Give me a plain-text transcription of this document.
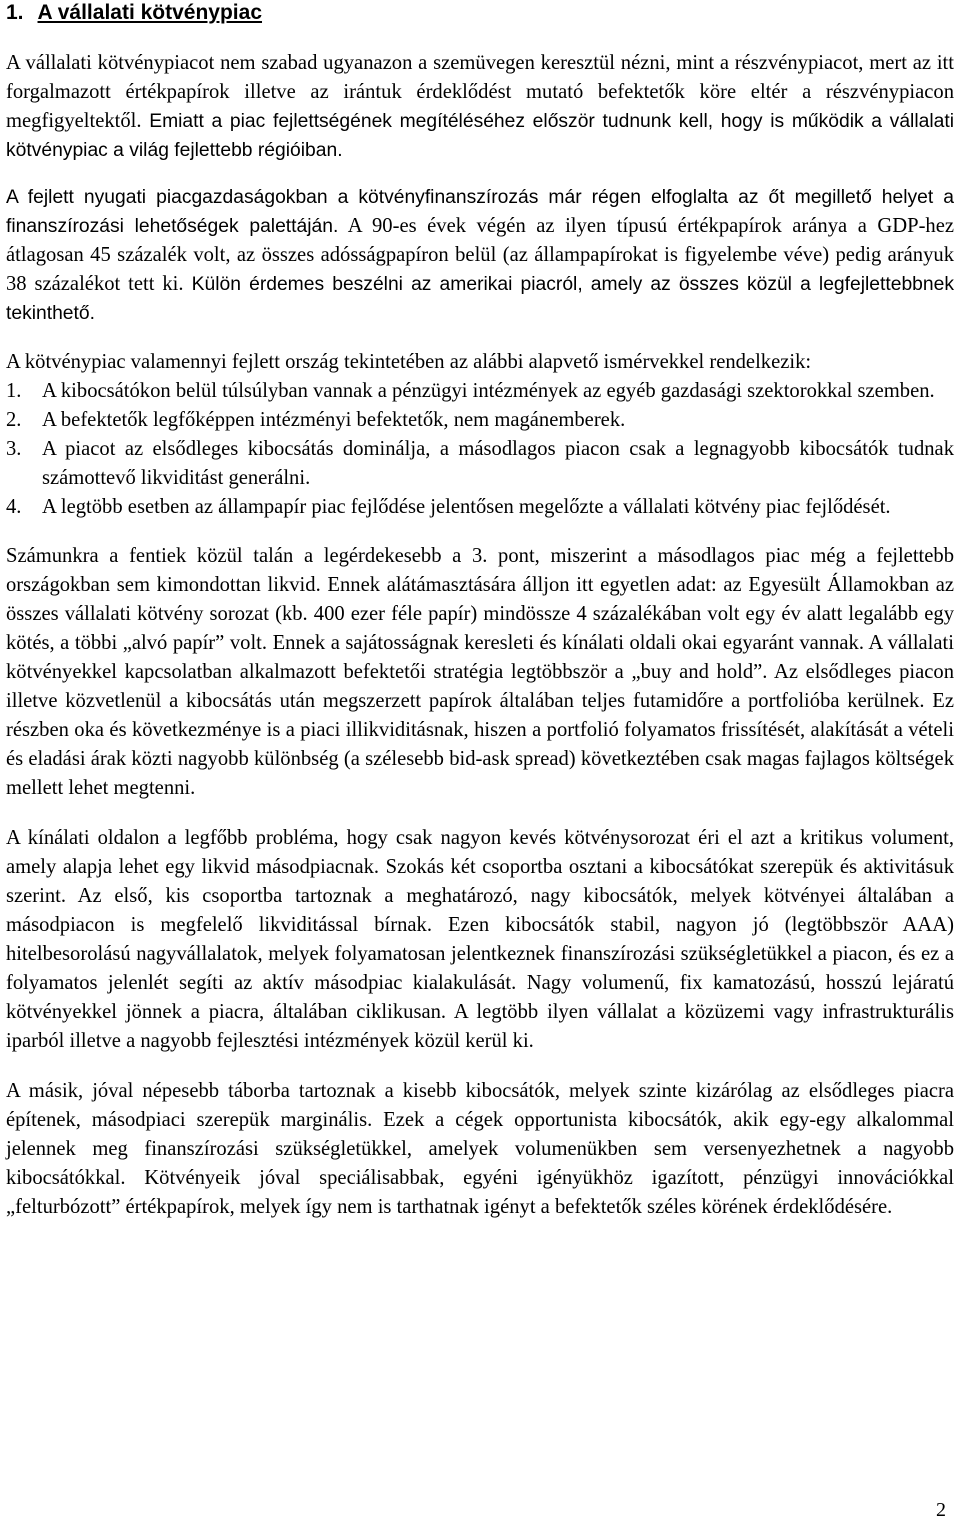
1. A vállalati kötvénypiac

A vállalati kötvénypiacot nem szabad ugyanazon a szemüvegen keresztül nézni, mint a részvénypiacot, mert az itt forgalmazott értékpapírok illetve az irántuk érdeklődést mutató befektetők köre eltér a részvénypiacon megfigyeltektől. Emiatt a piac fejlettségének megítéléséhez először tudnunk kell, hogy is működik a vállalati kötvénypiac a világ fejlettebb régióiban.

A fejlett nyugati piacgazdaságokban a kötvényfinanszírozás már régen elfoglalta az őt megillető helyet a finanszírozási lehetőségek palettáján. A 90-es évek végén az ilyen típusú értékpapírok aránya a GDP-hez átlagosan 45 százalék volt, az összes adósságpapíron belül (az állampapírokat is figyelembe véve) pedig arányuk 38 százalékot tett ki. Külön érdemes beszélni az amerikai piacról, amely az összes közül a legfejlettebbnek tekinthető.

A kötvénypiac valamennyi fejlett ország tekintetében az alábbi alapvető ismérvekkel rendelkezik:

1. A kibocsátókon belül túlsúlyban vannak a pénzügyi intézmények az egyéb gazdasági szektorokkal szemben.
2. A befektetők legfőképpen intézményi befektetők, nem magánemberek.
3. A piacot az elsődleges kibocsátás dominálja, a másodlagos piacon csak a legnagyobb kibocsátók tudnak számottevő likviditást generálni.
4. A legtöbb esetben az állampapír piac fejlődése jelentősen megelőzte a vállalati kötvény piac fejlődését.

Számunkra a fentiek közül talán a legérdekesebb a 3. pont, miszerint a másodlagos piac még a fejlettebb országokban sem kimondottan likvid. Ennek alátámasztására álljon itt egyetlen adat: az Egyesült Államokban az összes vállalati kötvény sorozat (kb. 400 ezer féle papír) mindössze 4 százalékában volt egy év alatt legalább egy kötés, a többi „alvó papír” volt. Ennek a sajátosságnak keresleti és kínálati oldali okai egyaránt vannak. A vállalati kötvényekkel kapcsolatban alkalmazott befektetői stratégia legtöbbször a „buy and hold”. Az elsődleges piacon illetve közvetlenül a kibocsátás után megszerzett papírok általában teljes futamidőre a portfolióba kerülnek. Ez részben oka és következménye is a piaci illikviditásnak, hiszen a portfolió folyamatos frissítését, alakítását a vételi és eladási árak közti nagyobb különbség (a szélesebb bid-ask spread) következtében csak magas fajlagos költségek mellett lehet megtenni.

A kínálati oldalon a legfőbb probléma, hogy csak nagyon kevés kötvénysorozat éri el azt a kritikus volument, amely alapja lehet egy likvid másodpiacnak. Szokás két csoportba osztani a kibocsátókat szerepük és aktivitásuk szerint. Az első, kis csoportba tartoznak a meghatározó, nagy kibocsátók, melyek kötvényei általában a másodpiacon is megfelelő likviditással bírnak. Ezen kibocsátók stabil, nagyon jó (legtöbbször AAA) hitelbesorolású nagyvállalatok, melyek folyamatosan jelentkeznek finanszírozási szükségletükkel a piacon, és ez a folyamatos jelenlét segíti az aktív másodpiac kialakulását. Nagy volumenű, fix kamatozású, hosszú lejáratú kötvényekkel jönnek a piacra, általában ciklikusan. A legtöbb ilyen vállalat a közüzemi vagy infrastrukturális iparból illetve a nagyobb fejlesztési intézmények közül kerül ki.

A másik, jóval népesebb táborba tartoznak a kisebb kibocsátók, melyek szinte kizárólag az elsődleges piacra építenek, másodpiaci szerepük marginális. Ezek a cégek opportunista kibocsátók, akik egy-egy alkalommal jelennek meg finanszírozási szükségletükkel, amelyek volumenükben sem versenyezhetnek a nagyobb kibocsátókkal. Kötvényeik jóval speciálisabbak, egyéni igényükhöz igazított, pénzügyi innovációkkal „felturbózott” értékpapírok, melyek így nem is tarthatnak igényt a befektetők széles körének érdeklődésére.

2
